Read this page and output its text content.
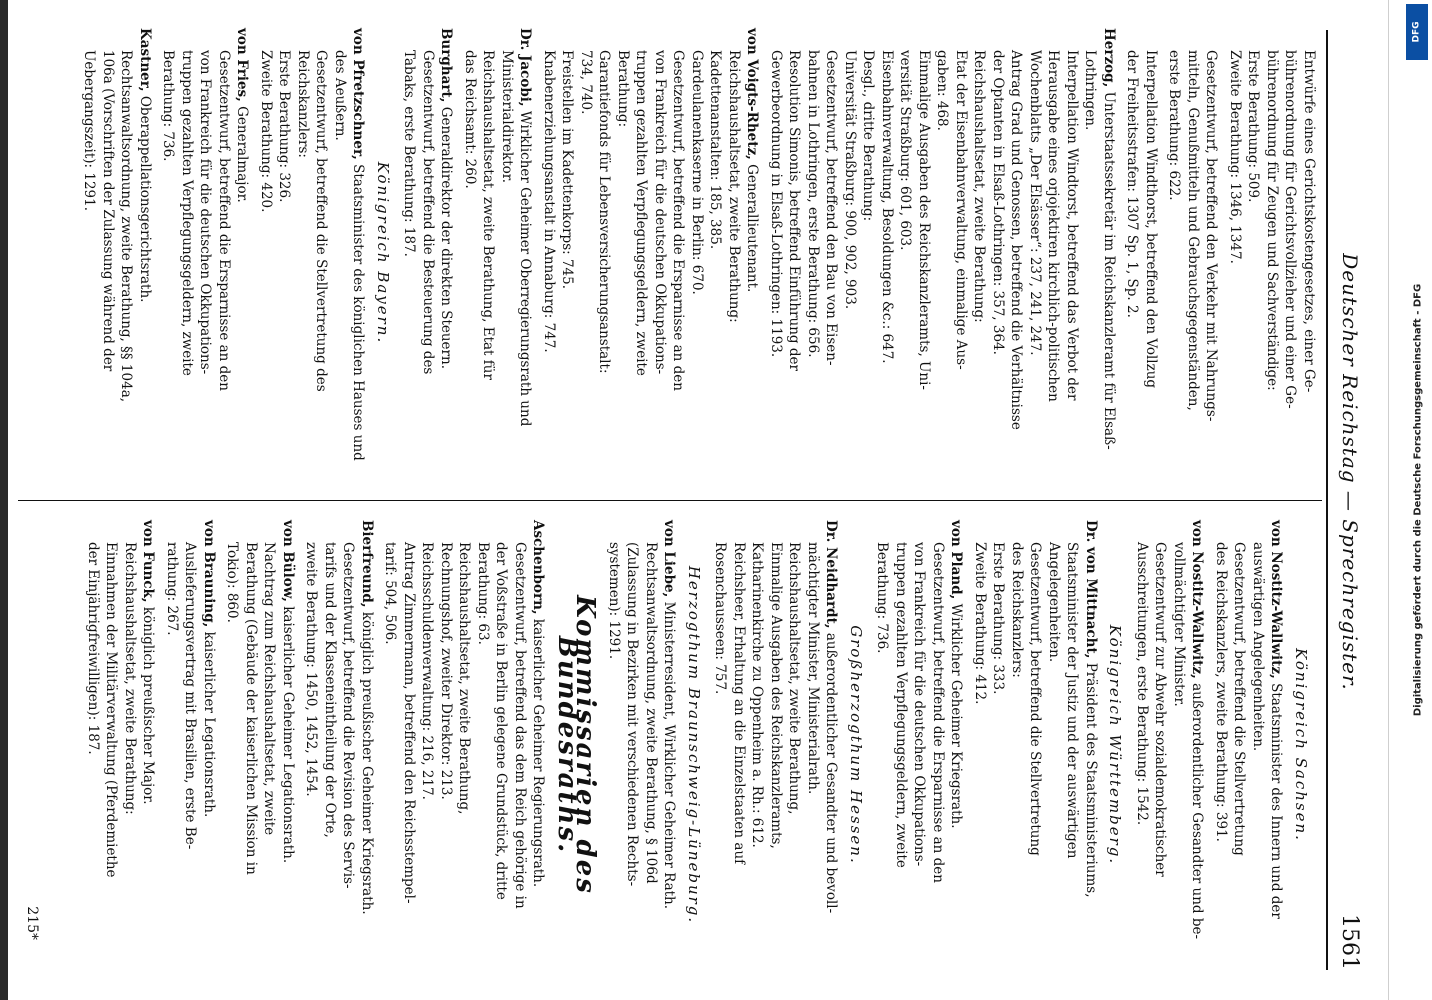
DFG
Digitalisierung gefördert durch die Deutsche Forschungsgemeinschaft - DFG
Deutscher Reichstag — Sprechregister.
1561
Entwürfe eines Gerichtskostengesetzes, einer Ge-
bührenordnung für Gerichtsvollzieher und einer Ge-
bührenordnung für Zeugen und Sachverständige:
Erste Berathung: 509.
Zweite Berathung: 1346, 1347.
Gesetzentwurf, betreffend den Verkehr mit Nahrungs-
mitteln, Genußmitteln und Gebrauchsgegenständen,
erste Berathung: 622.
Interpellation Windthorst, betreffend den Vollzug
der Freiheitsstrafen: 1307 Sp. 1, Sp. 2.
Herzog, Unterstaatssekretär im Reichskanzleramt für Elsaß-
Lothringen.
Interpellation Windtorst, betreffend das Verbot der
Herausgabe eines orjojektiren kirchlich-politischen
Wochenblatts „Der Elsässer“: 237, 241, 247.
Antrag Grad und Genossen, betreffend die Verhältnisse
der Optanten in Elsaß-Lothringen: 357, 364.
Reichshaushaltsetat, zweite Berathung:
Etat der Eisenbahnverwaltung, einmalige Aus-
gaben: 468.
Einmalige Ausgaben des Reichskanzleramts, Uni-
versität Straßburg: 601, 603.
Eisenbahnverwaltung, Besoldungen &c.: 647.
Desgl., dritte Berathung:
Universität Straßburg: 900, 902, 903.
Gesetzentwurf, betreffend den Bau von Eisen-
bahnen in Lothringen, erste Berathung: 656.
Resolution Simonis, betreffend Einführung der
Gewerbeordnung in Elsaß-Lothringen: 1193.
von Voigts-Rhetz, Generallieutenant.
Reichshaushaltsetat, zweite Berathung:
Kadettenanstalten: 185, 385.
Gardeulanenkaserne in Berlin: 670.
Gesetzentwurf, betreffend die Ersparnisse an den
von Frankreich für die deutschen Okkupations-
truppen gezahlten Verpflegungsgeldern, zweite
Berathung:
Garantiefonds für Lebensversicherungsanstalt:
734, 740.
Freistellen im Kadettenkorps: 745.
Knabenerziehungsanstalt in Annaburg: 747.
Dr. Jacobi, Wirklicher Geheimer Oberregierungsrath und
Ministerialdirektor.
Reichshaushaltsetat, zweite Berathung, Etat für
das Reichsamt: 260.
Burghart, Generaldirektor der direkten Steuern.
Gesetzentwurf, betreffend die Besteuerung des
Tabaks, erste Berathung: 187.
Königreich Bayern.
von Pfretzschner, Staatsminister des königlichen Hauses und
des Aeußern.
Gesetzentwurf, betreffend die Stellvertretung des
Reichskanzlers:
Erste Berathung: 326.
Zweite Berathung: 420.
von Fries, Generalmajor.
Gesetzentwurf, betreffend die Ersparnisse an den
von Frankreich für die deutschen Okkupations-
truppen gezahlten Verpflegungsgeldern, zweite
Berathung: 736.
Kastner, Oberappellationsgerichtsrath.
Rechtsanwaltsordnung, zweite Berathung, §§ 104a,
106a (Vorschriften der Zulassung während der
Uebergangszeit): 1291.
Königreich Sachsen.
von Nostitz-Wallwitz, Staatsminister des Innern und der
auswärtigen Angelegenheiten.
Gesetzentwurf, betreffend die Stellvertretung
des Reichskanzlers, zweite Berathung: 391.
von Nostitz-Wallwitz, außerordentlicher Gesandter und be-
vollmächtigter Minister.
Gesetzentwurf zur Abwehr sozialdemokratischer
Ausschreitungen, erste Berathung: 1542.
Königreich Württemberg.
Dr. von Mittnacht, Präsident des Staatsministeriums,
Staatsminister der Justiz und der auswärtigen Angelegenheiten.
Gesetzentwurf, betreffend die Stellvertretung
des Reichskanzlers:
Erste Berathung: 333.
Zweite Berathung: 412.
von Pland, Wirklicher Geheimer Kriegsrath.
Gesetzentwurf, betreffend die Ersparnisse an den
von Frankreich für die deutschen Okkupations-
truppen gezahlten Verpflegungsgeldern, zweite
Berathung: 736.
Großherzogthum Hessen.
Dr. Neidhardt, außerordentlicher Gesandter und bevoll-
mächtigter Minister, Ministerialrath.
Reichshaushaltsetat, zweite Berathung,
Einmalige Ausgaben des Reichskanzleramts,
Katharinenkirche zu Oppenheim a. Rh.: 612.
Reichsheer, Erhaltung an die Einzelstaaten auf
Rosenchausseen: 757.
Herzogthum Braunschweig-Lüneburg.
von Liebe, Ministerresident, Wirklicher Geheimer Rath.
Rechtsanwaltsordnung, zweite Berathung, § 106d
(Zulassung in Bezirken mit verschiedenen Rechts-
systemen): 1291.
Kommissarien des Bundesraths.
Aschenborn, kaiserlicher Geheimer Regierungsrath.
Gesetzentwurf, betreffend das dem Reich gehörige in
der Voßstraße in Berlin gelegene Grundstück, dritte
Berathung: 63.
Reichshaushaltsetat, zweite Berathung,
Rechnungshof, zweiter Direktor: 213.
Reichsschuldenverwaltung: 216, 217.
Antrag Zimmermann, betreffend den Reichsstempel-
tarif: 504, 506.
Bierfreund, königlich preußischer Geheimer Kriegsrath.
Gesetzentwurf, betreffend die Revision des Servis-
tarifs und der Klasseneintheilung der Orte,
zweite Berathung: 1450, 1452, 1454.
von Bülow, kaiserlicher Geheimer Legationsrath.
Nachtrag zum Reichshaushaltsetat, zweite
Berathung (Gebäude der kaiserlichen Mission in
Tokio): 860.
von Brauning, kaiserlicher Legationsrath.
Auslieferungsvertrag mit Brasilien, erste Be-
rathung: 267.
von Funck, königlich preußischer Major.
Reichshaushaltsetat, zweite Berathung:
Einnahmen der Militärverwaltung (Pferdemiethe
der Einjährigfreiwilligen): 187.
215*
